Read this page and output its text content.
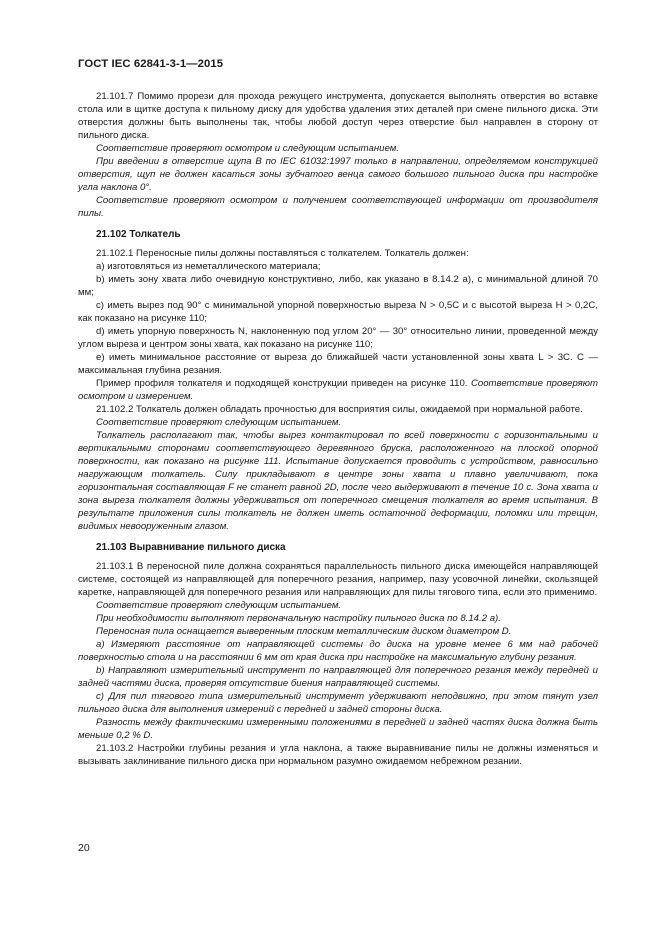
ГОСТ IEC 62841-3-1—2015

21.101.7 Помимо прорези для прохода режущего инструмента, допускается выполнять отверстия во вставке стола или в щитке доступа к пильному диску для удобства удаления этих деталей при смене пильного диска. Эти отверстия должны быть выполнены так, чтобы любой доступ через отверстие был направлен в сторону от пильного диска.

Соответствие проверяют осмотром и следующим испытанием.

При введении в отверстие щупа В по IEC 61032:1997 только в направлении, определяемом конструкцией отверстия, щуп не должен касаться зоны зубчатого венца самого большого пильного диска при настройке угла наклона 0°.

Соответствие проверяют осмотром и получением соответствующей информации от производителя пилы.

21.102 Толкатель

21.102.1 Переносные пилы должны поставляться с толкателем. Толкатель должен:

а) изготовляться из неметаллического материала;

b) иметь зону хвата либо очевидную конструктивно, либо, как указано в 8.14.2 а), с минимальной длиной 70 мм;

с) иметь вырез под 90° с минимальной упорной поверхностью выреза N > 0,5C и с высотой выреза H > 0,2C, как показано на рисунке 110;

d) иметь упорную поверхность N, наклоненную под углом 20° — 30° относительно линии, проведенной между углом выреза и центром зоны хвата, как показано на рисунке 110;

е) иметь минимальное расстояние от выреза до ближайшей части установленной зоны хвата L > 3C. C — максимальная глубина резания.

Пример профиля толкателя и подходящей конструкции приведен на рисунке 110. Соответствие проверяют осмотром и измерением.

21.102.2 Толкатель должен обладать прочностью для восприятия силы, ожидаемой при нормальной работе.

Соответствие проверяют следующим испытанием.

Толкатель располагают так, чтобы вырез контактировал по всей поверхности с горизонтальными и вертикальными сторонами соответствующего деревянного бруска, расположенного на плоской опорной поверхности, как показано на рисунке 111. Испытание допускается проводить с устройством, равносильно нагружающим толкатель. Силу прикладывают в центре зоны хвата и плавно увеличивают, пока горизонтальная составляющая F не станет равной 2D, после чего выдерживают в течение 10 с. Зона хвата и зона выреза толкателя должны удерживаться от поперечного смещения толкателя во время испытания. В результате приложения силы толкатель не должен иметь остаточной деформации, поломки или трещин, видимых невооруженным глазом.

21.103 Выравнивание пильного диска

21.103.1 В переносной пиле должна сохраняться параллельность пильного диска имеющейся направляющей системе, состоящей из направляющей для поперечного резания, например, пазу усовочной линейки, скользящей каретке, направляющей для поперечного резания или направляющих для пилы тягового типа, если это применимо.

Соответствие проверяют следующим испытанием.

При необходимости выполняют первоначальную настройку пильного диска по 8.14.2 а).

Переносная пила оснащается выверенным плоским металлическим диском диаметром D.

а) Измеряют расстояние от направляющей системы до диска на уровне менее 6 мм над рабочей поверхностью стола и на расстоянии 6 мм от края диска при настройке на максимальную глубину резания.

b) Направляют измерительный инструмент по направляющей для поперечного резания между передней и задней частями диска, проверяя отсутствие биения направляющей системы.

с) Для пил тягового типа измерительный инструмент удерживают неподвижно, при этом тянут узел пильного диска для выполнения измерений с передней и задней стороны диска.

Разность между фактическими измеренными положениями в передней и задней частях диска должна быть меньше 0,2 % D.

21.103.2 Настройки глубины резания и угла наклона, а также выравнивание пилы не должны изменяться и вызывать заклинивание пильного диска при нормальном разумно ожидаемом небрежном резании.

20
